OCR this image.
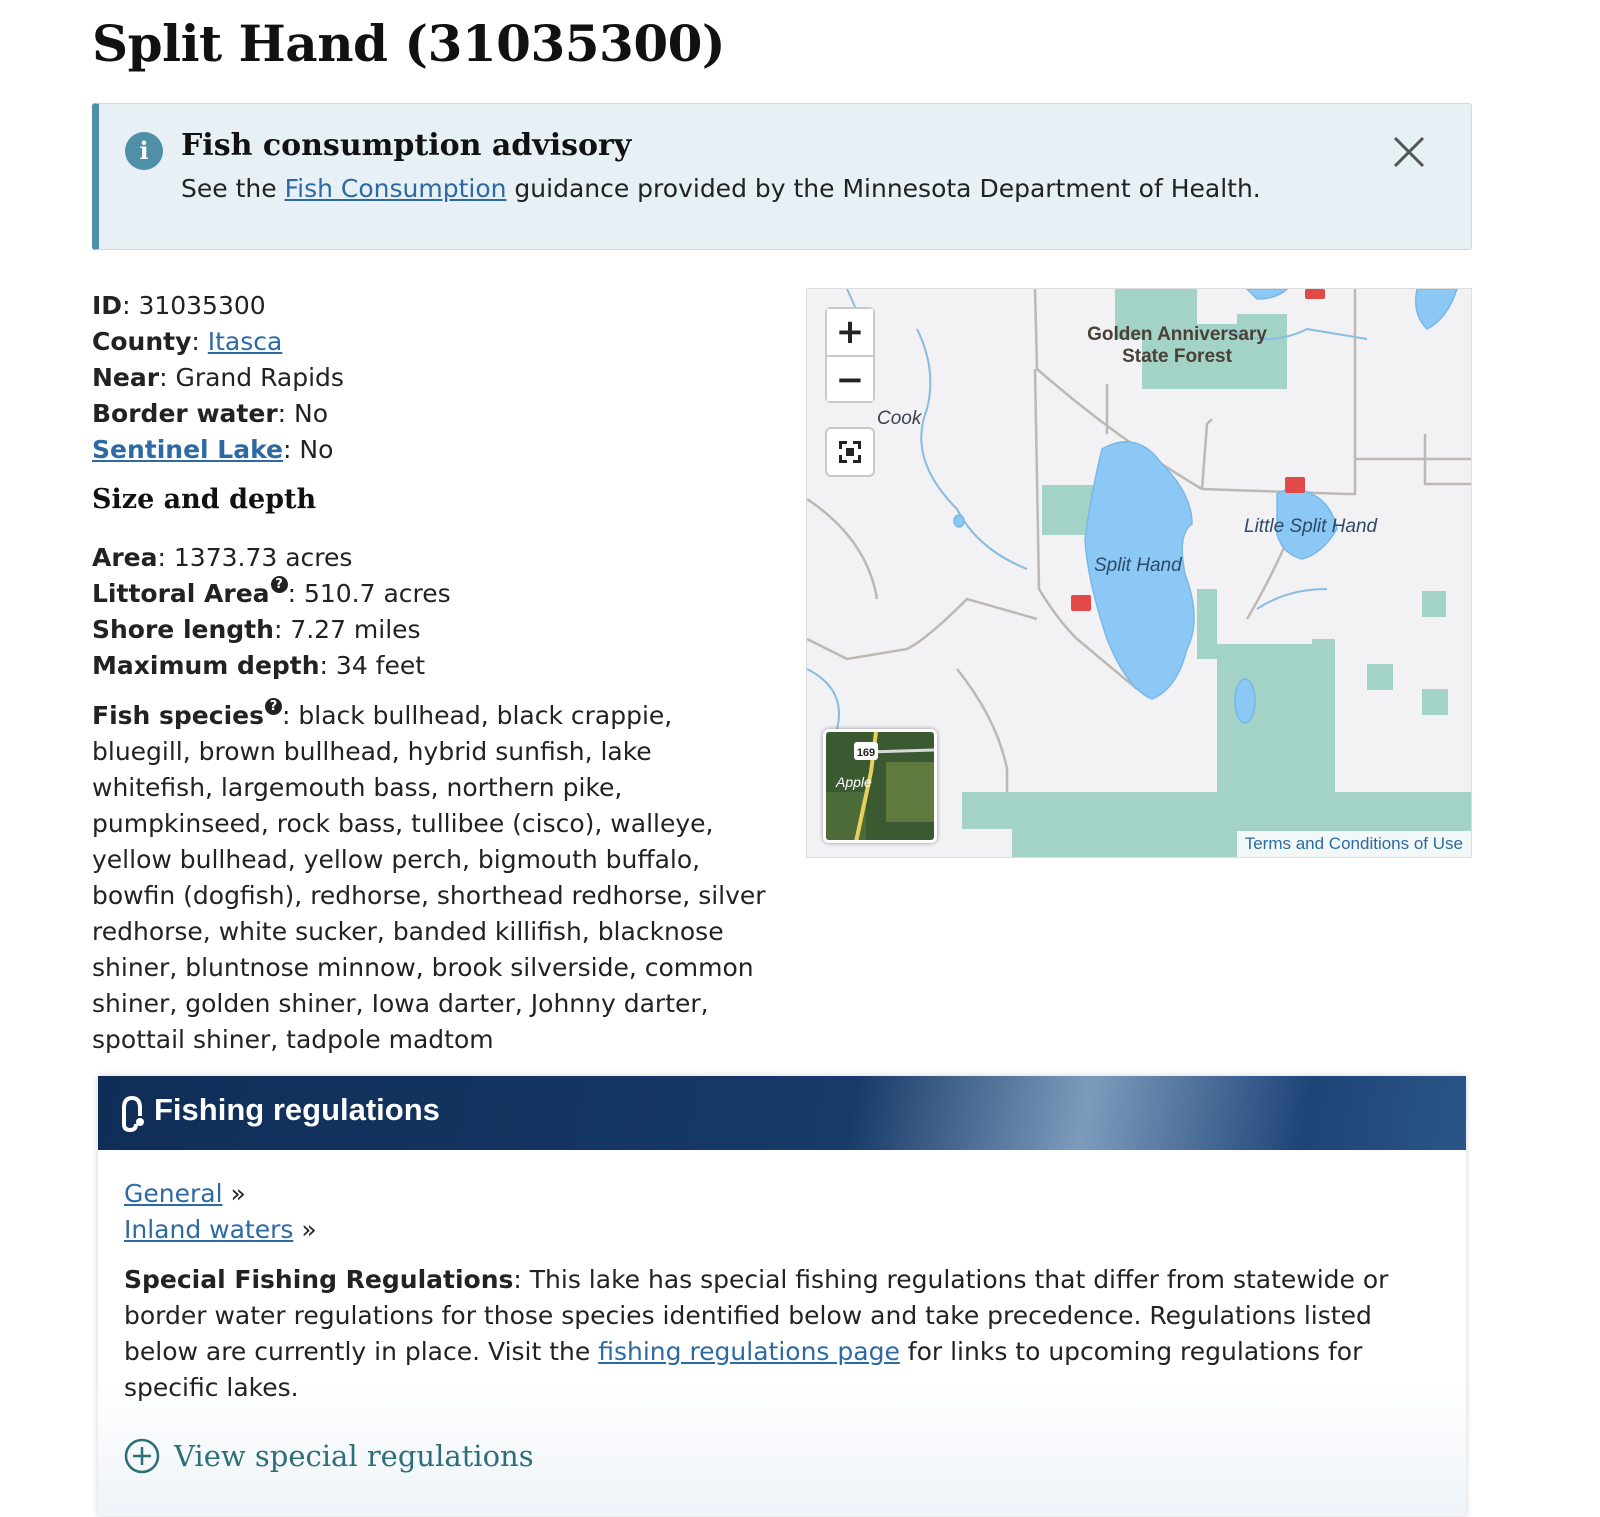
Split Hand (31035300)
i	Fish consumption advisory
See the Fish Consumption guidance provided by the Minnesota Department of Health.
ID: 31035300
County: Itasca
Near: Grand Rapids
Border water: No
Sentinel Lake: No
Size and depth
Area: 1373.73 acres
Littoral Area ? : 510.7 acres
Shore length: 7.27 miles
Maximum depth: 34 feet
Fish species ? : black bullhead, black crappie, bluegill, brown bullhead, hybrid sunfish, lake whitefish, largemouth bass, northern pike, pumpkinseed, rock bass, tullibee (cisco), walleye, yellow bullhead, yellow perch, bigmouth buffalo, bowfin (dogfish), redhorse, shorthead redhorse, silver redhorse, white sucker, banded killifish, blacknose shiner, bluntnose minnow, brook silverside, common shiner, golden shiner, Iowa darter, Johnny darter, spottail shiner, tadpole madtom
Golden Anniversary
State Forest
Cook
Split Hand
Little Split Hand
+
−
169
Apple
Terms and Conditions of Use
Fishing regulations
General »
Inland waters »

Special Fishing Regulations: This lake has special fishing regulations that differ from statewide or border water regulations for those species identified below and take precedence. Regulations listed below are currently in place. Visit the fishing regulations page for links to upcoming regulations for specific lakes.

View special regulations
